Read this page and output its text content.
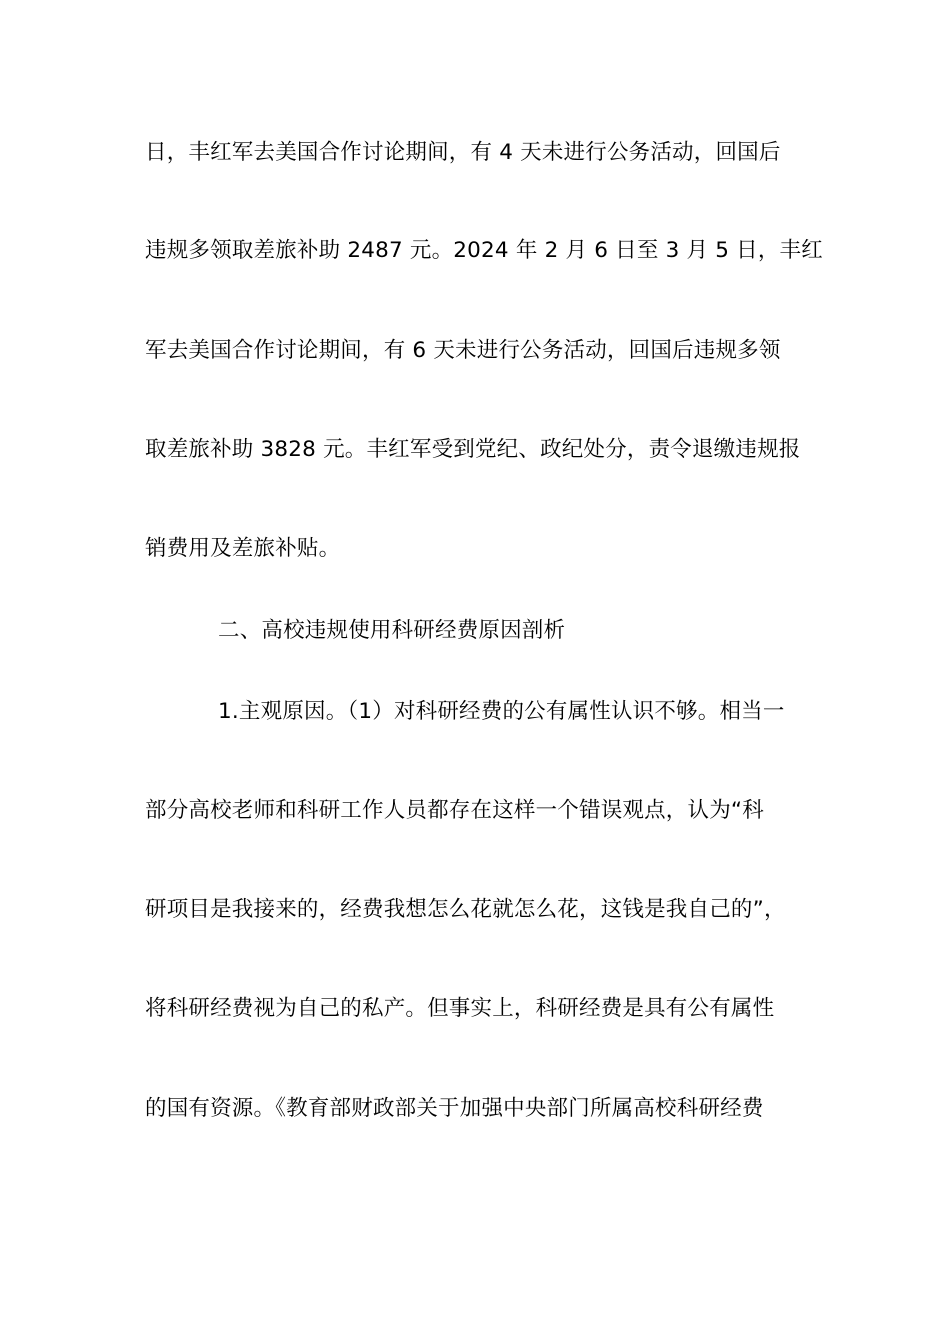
日，丰红军去美国合作讨论期间，有 4 天未进行公务活动，回国后

违规多领取差旅补助 2487 元。2024 年 2 月 6 日至 3 月 5 日，丰红

军去美国合作讨论期间，有 6 天未进行公务活动，回国后违规多领

取差旅补助 3828 元。丰红军受到党纪、政纪处分，责令退缴违规报

销费用及差旅补贴。

二、高校违规使用科研经费原因剖析

1.主观原因。（1）对科研经费的公有属性认识不够。相当一

部分高校老师和科研工作人员都存在这样一个错误观点，认为“科

研项目是我接来的，经费我想怎么花就怎么花，这钱是我自己的”，

将科研经费视为自己的私产。但事实上，科研经费是具有公有属性

的国有资源。《教育部财政部关于加强中央部门所属高校科研经费
